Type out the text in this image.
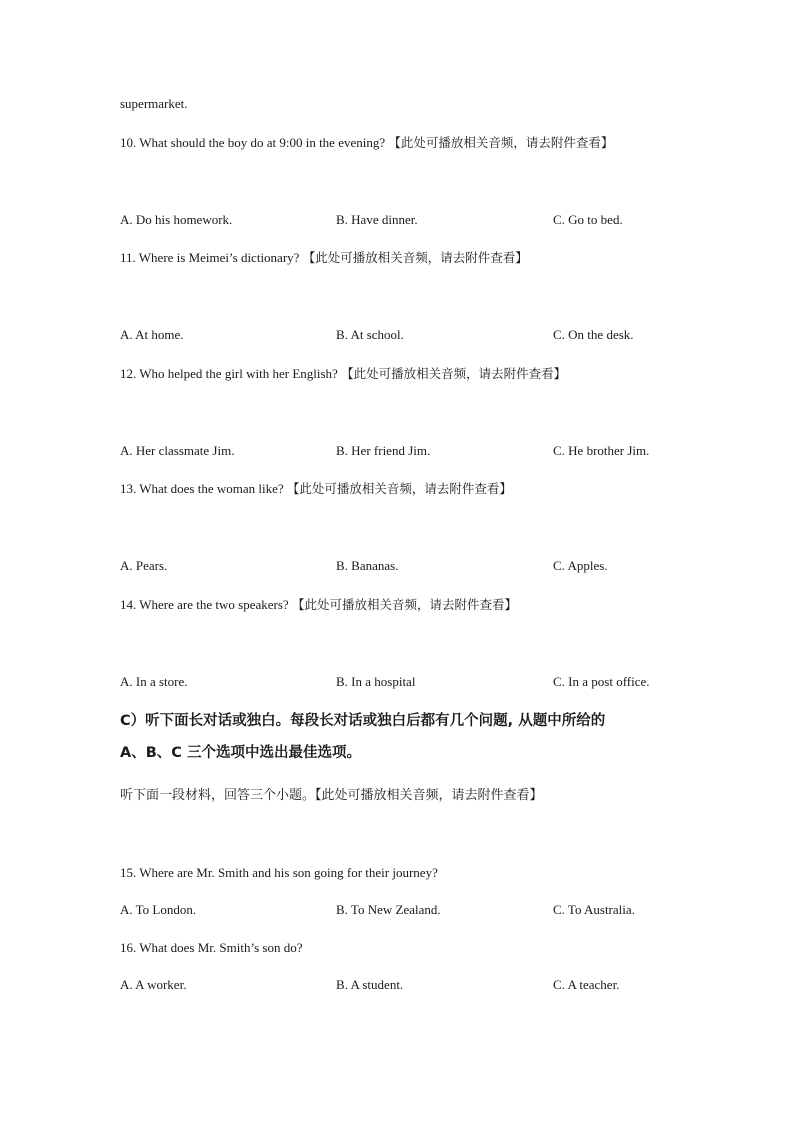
supermarket.
10. What should the boy do at 9:00 in the evening? 【此处可播放相关音频，请去附件查看】
A. Do his homework.	B. Have dinner.	C. Go to bed.
11. Where is Meimei’s dictionary? 【此处可播放相关音频，请去附件查看】
A. At home.	B. At school.	C. On the desk.
12. Who helped the girl with her English? 【此处可播放相关音频，请去附件查看】
A. Her classmate Jim.	B. Her friend Jim.	C. He brother Jim.
13. What does the woman like? 【此处可播放相关音频，请去附件查看】
A. Pears.	B. Bananas.	C. Apples.
14. Where are the two speakers? 【此处可播放相关音频，请去附件查看】
A. In a store.	B. In a hospital	C. In a post office.
C）听下面长对话或独白。每段长对话或独白后都有几个问题, 从题中所给的
A、B、C 三个选项中选出最佳选项。
听下面一段材料，回答三个小题。【此处可播放相关音频，请去附件查看】
15. Where are Mr. Smith and his son going for their journey?
A. To London.	B. To New Zealand.	C. To Australia.
16. What does Mr. Smith’s son do?
A. A worker.	B. A student.	C. A teacher.
